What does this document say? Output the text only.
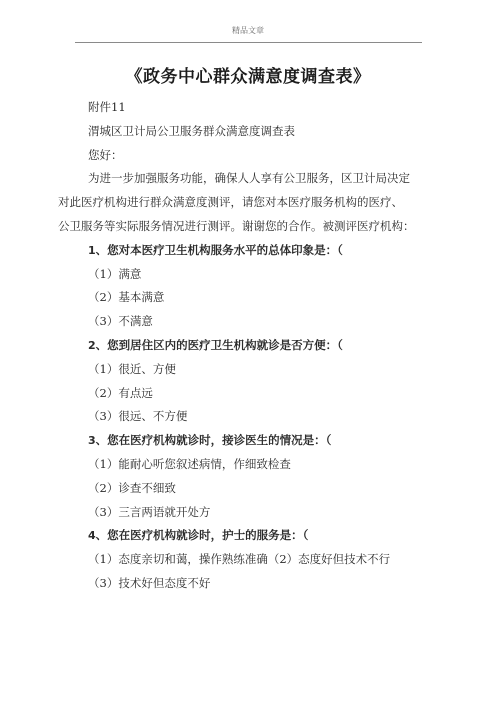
精品文章
《政务中心群众满意度调查表》

附件11

渭城区卫计局公卫服务群众满意度调查表

您好：

为进一步加强服务功能，确保人人享有公卫服务，区卫计局决定
对此医疗机构进行群众满意度测评，请您对本医疗服务机构的医疗、
公卫服务等实际服务情况进行测评。谢谢您的合作。被测评医疗机构：

1、您对本医疗卫生机构服务水平的总体印象是：（

（1）满意

（2）基本满意

（3）不满意

2、您到居住区内的医疗卫生机构就诊是否方便：（

（1）很近、方便

（2）有点远

（3）很远、不方便

3、您在医疗机构就诊时，接诊医生的情况是：（

（1）能耐心听您叙述病情，作细致检查

（2）诊查不细致

（3）三言两语就开处方

4、您在医疗机构就诊时，护士的服务是：（

（1）态度亲切和蔼，操作熟练准确（2）态度好但技术不行

（3）技术好但态度不好
